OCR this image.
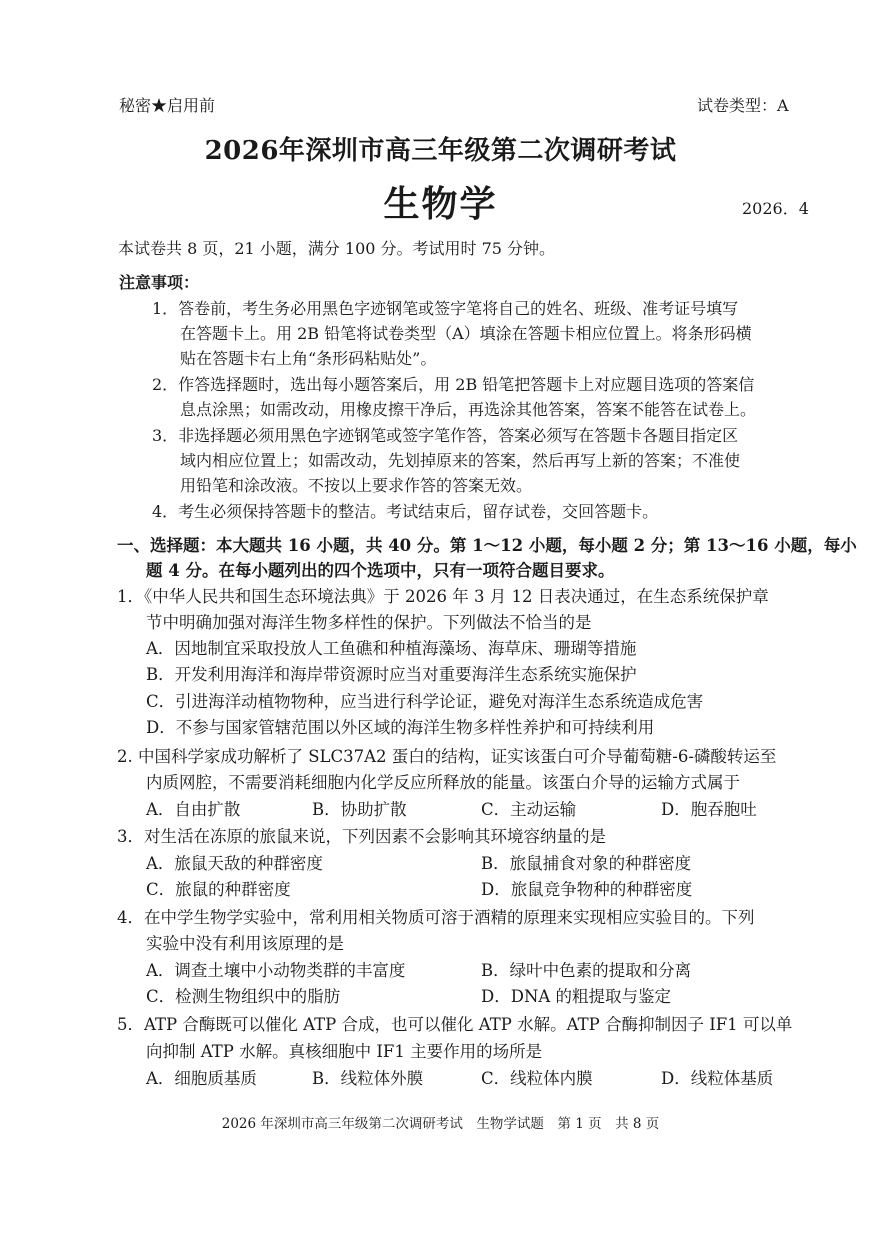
秘密★启用前	试卷类型：A
2026年深圳市高三年级第二次调研考试
生物学	2026．4
本试卷共 8 页，21 小题，满分 100 分。考试用时 75 分钟。
注意事项：
1．答卷前，考生务必用黑色字迹钢笔或签字笔将自己的姓名、班级、准考证号填写
在答题卡上。用 2B 铅笔将试卷类型（A）填涂在答题卡相应位置上。将条形码横
贴在答题卡右上角“条形码粘贴处”。
2．作答选择题时，选出每小题答案后，用 2B 铅笔把答题卡上对应题目选项的答案信
息点涂黑；如需改动，用橡皮擦干净后，再选涂其他答案，答案不能答在试卷上。
3．非选择题必须用黑色字迹钢笔或签字笔作答，答案必须写在答题卡各题目指定区
域内相应位置上；如需改动，先划掉原来的答案，然后再写上新的答案；不准使
用铅笔和涂改液。不按以上要求作答的答案无效。
4．考生必须保持答题卡的整洁。考试结束后，留存试卷，交回答题卡。
一、选择题：本大题共 16 小题，共 40 分。第 1～12 小题，每小题 2 分；第 13～16 小题，每小
题 4 分。在每小题列出的四个选项中，只有一项符合题目要求。
1．《中华人民共和国生态环境法典》于 2026 年 3 月 12 日表决通过，在生态系统保护章
节中明确加强对海洋生物多样性的保护。下列做法不恰当的是
A．因地制宜采取投放人工鱼礁和种植海藻场、海草床、珊瑚等措施
B．开发利用海洋和海岸带资源时应当对重要海洋生态系统实施保护
C．引进海洋动植物物种，应当进行科学论证，避免对海洋生态系统造成危害
D．不参与国家管辖范围以外区域的海洋生物多样性养护和可持续利用
2. 中国科学家成功解析了 SLC37A2 蛋白的结构，证实该蛋白可介导葡萄糖-6-磷酸转运至
内质网腔，不需要消耗细胞内化学反应所释放的能量。该蛋白介导的运输方式属于
A．自由扩散	B．协助扩散	C．主动运输	D．胞吞胞吐
3．对生活在冻原的旅鼠来说，下列因素不会影响其环境容纳量的是
A．旅鼠天敌的种群密度	B．旅鼠捕食对象的种群密度
C．旅鼠的种群密度	D．旅鼠竞争物种的种群密度
4．在中学生物学实验中，常利用相关物质可溶于酒精的原理来实现相应实验目的。下列
实验中没有利用该原理的是
A．调查土壤中小动物类群的丰富度	B．绿叶中色素的提取和分离
C．检测生物组织中的脂肪	D．DNA 的粗提取与鉴定
5．ATP 合酶既可以催化 ATP 合成，也可以催化 ATP 水解。ATP 合酶抑制因子 IF1 可以单
向抑制 ATP 水解。真核细胞中 IF1 主要作用的场所是
A．细胞质基质	B．线粒体外膜	C．线粒体内膜	D．线粒体基质
2026 年深圳市高三年级第二次调研考试　生物学试题　第 1 页　共 8 页
